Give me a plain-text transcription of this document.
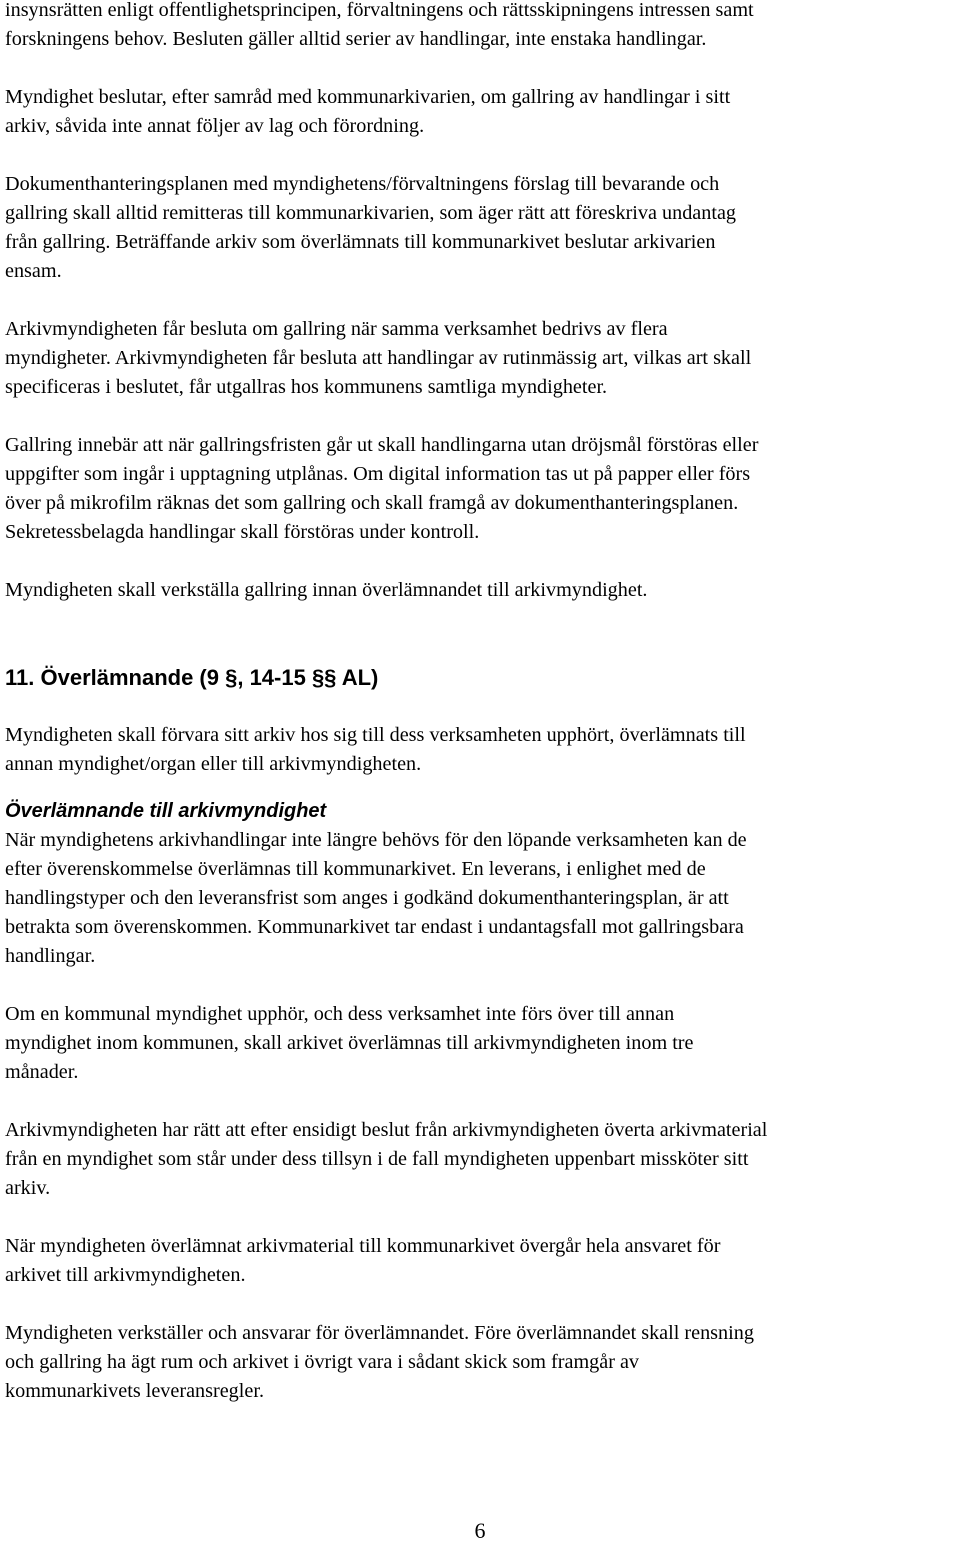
insynsrätten enligt offentlighetsprincipen, förvaltningens och rättsskipningens intressen samt
forskningens behov. Besluten gäller alltid serier av handlingar, inte enstaka handlingar.

Myndighet beslutar, efter samråd med kommunarkivarien, om gallring av handlingar i sitt
arkiv, såvida inte annat följer av lag och förordning.

Dokumenthanteringsplanen med myndighetens/förvaltningens förslag till bevarande och
gallring skall alltid remitteras till kommunarkivarien, som äger rätt att föreskriva undantag
från gallring. Beträffande arkiv som överlämnats till kommunarkivet beslutar arkivarien
ensam.

Arkivmyndigheten får besluta om gallring när samma verksamhet bedrivs av flera
myndigheter. Arkivmyndigheten får besluta att handlingar av rutinmässig art, vilkas art skall
specificeras i beslutet, får utgallras hos kommunens samtliga myndigheter.

Gallring innebär att när gallringsfristen går ut skall handlingarna utan dröjsmål förstöras eller
uppgifter som ingår i upptagning utplånas. Om digital information tas ut på papper eller förs
över på mikrofilm räknas det som gallring och skall framgå av dokumenthanteringsplanen.
Sekretessbelagda handlingar skall förstöras under kontroll.

Myndigheten skall verkställa gallring innan överlämnandet till arkivmyndighet.

11. Överlämnande (9 §, 14-15 §§ AL)

Myndigheten skall förvara sitt arkiv hos sig till dess verksamheten upphört, överlämnats till
annan myndighet/organ eller till arkivmyndigheten.

Överlämnande till arkivmyndighet

När myndighetens arkivhandlingar inte längre behövs för den löpande verksamheten kan de
efter överenskommelse överlämnas till kommunarkivet. En leverans, i enlighet med de
handlingstyper och den leveransfrist som anges i godkänd dokumenthanteringsplan, är att
betrakta som överenskommen. Kommunarkivet tar endast i undantagsfall mot gallringsbara
handlingar.

Om en kommunal myndighet upphör, och dess verksamhet inte förs över till annan
myndighet inom kommunen, skall arkivet överlämnas till arkivmyndigheten inom tre
månader.

Arkivmyndigheten har rätt att efter ensidigt beslut från arkivmyndigheten överta arkivmaterial
från en myndighet som står under dess tillsyn i de fall myndigheten uppenbart missköter sitt
arkiv.

När myndigheten överlämnat arkivmaterial till kommunarkivet övergår hela ansvaret för
arkivet till arkivmyndigheten.

Myndigheten verkställer och ansvarar för överlämnandet. Före överlämnandet skall rensning
och gallring ha ägt rum och arkivet i övrigt vara i sådant skick som framgår av
kommunarkivets leveransregler.

6
